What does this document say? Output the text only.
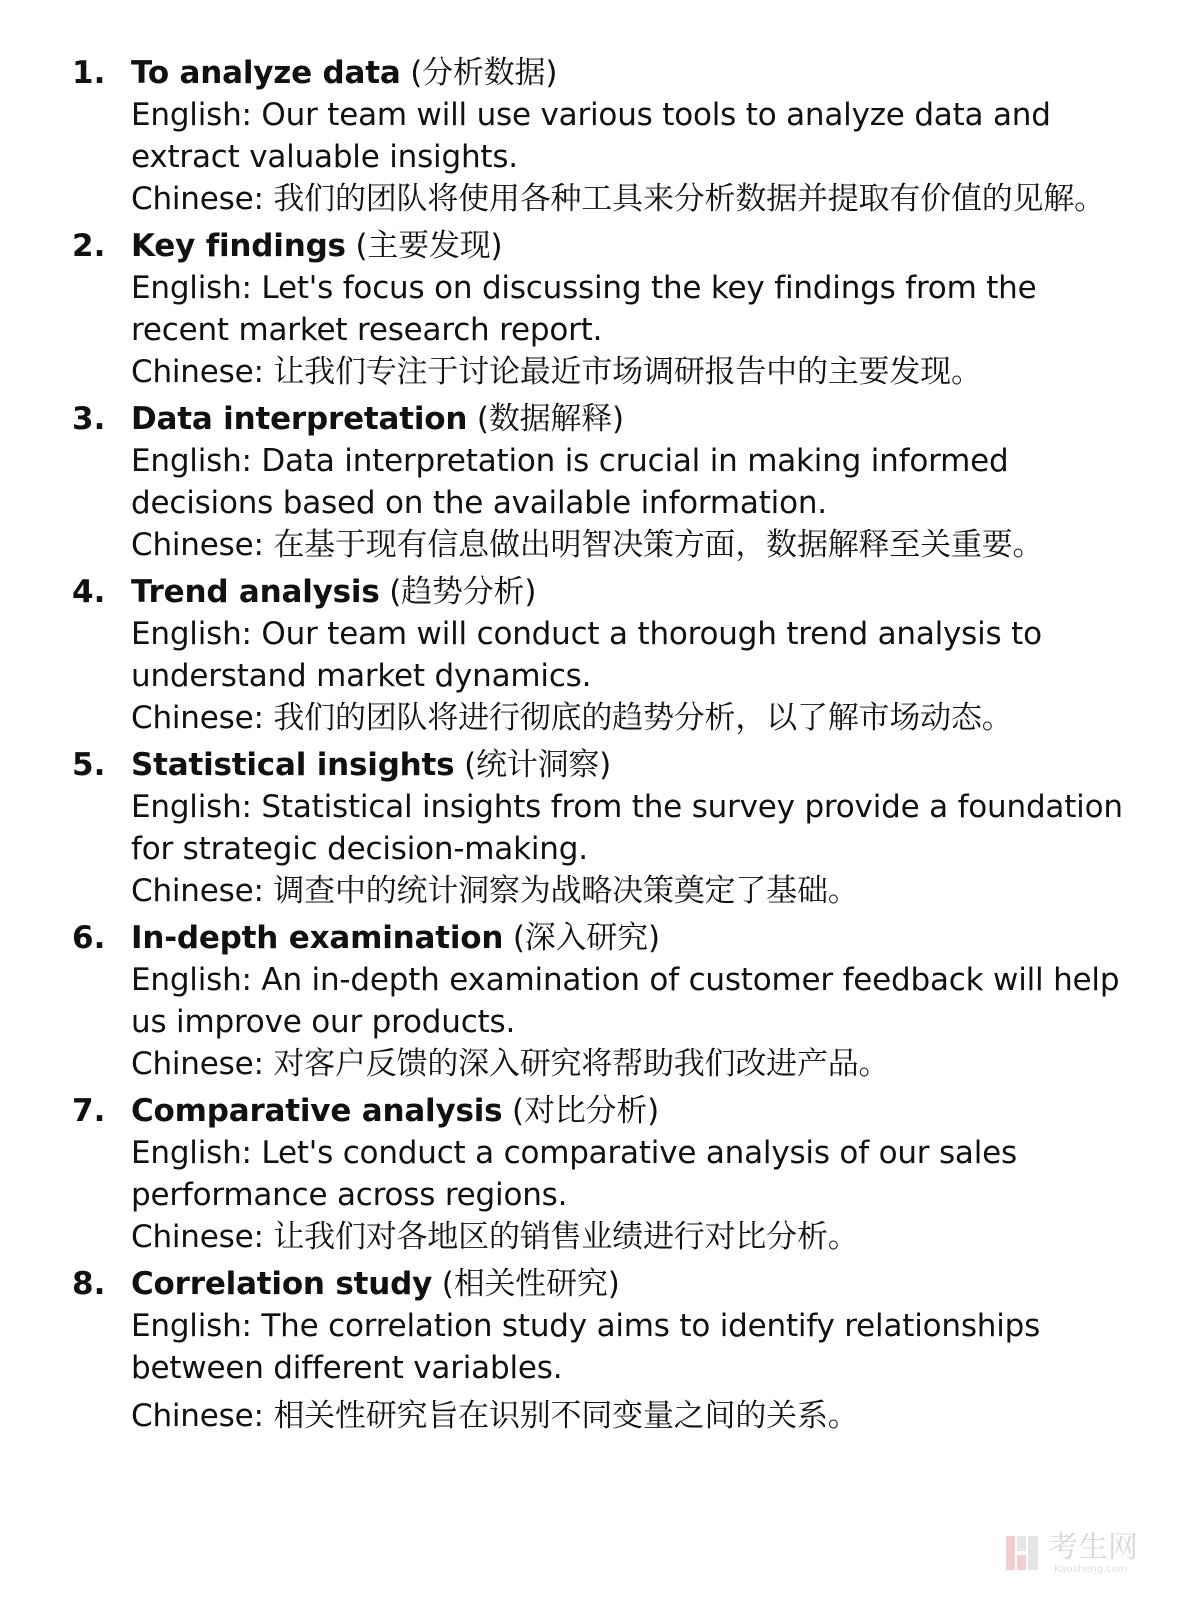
1. To analyze data (分析数据)
English: Our team will use various tools to analyze data and extract valuable insights.
Chinese: 我们的团队将使用各种工具来分析数据并提取有价值的见解。
2. Key findings (主要发现)
English: Let's focus on discussing the key findings from the recent market research report.
Chinese: 让我们专注于讨论最近市场调研报告中的主要发现。
3. Data interpretation (数据解释)
English: Data interpretation is crucial in making informed decisions based on the available information.
Chinese: 在基于现有信息做出明智决策方面，数据解释至关重要。
4. Trend analysis (趋势分析)
English: Our team will conduct a thorough trend analysis to understand market dynamics.
Chinese: 我们的团队将进行彻底的趋势分析，以了解市场动态。
5. Statistical insights (统计洞察)
English: Statistical insights from the survey provide a foundation for strategic decision-making.
Chinese: 调查中的统计洞察为战略决策奠定了基础。
6. In-depth examination (深入研究)
English: An in-depth examination of customer feedback will help us improve our products.
Chinese: 对客户反馈的深入研究将帮助我们改进产品。
7. Comparative analysis (对比分析)
English: Let's conduct a comparative analysis of our sales performance across regions.
Chinese: 让我们对各地区的销售业绩进行对比分析。
8. Correlation study (相关性研究)
English: The correlation study aims to identify relationships between different variables.
Chinese: 相关性研究旨在识别不同变量之间的关系。
考生网
Kaosheng.com
